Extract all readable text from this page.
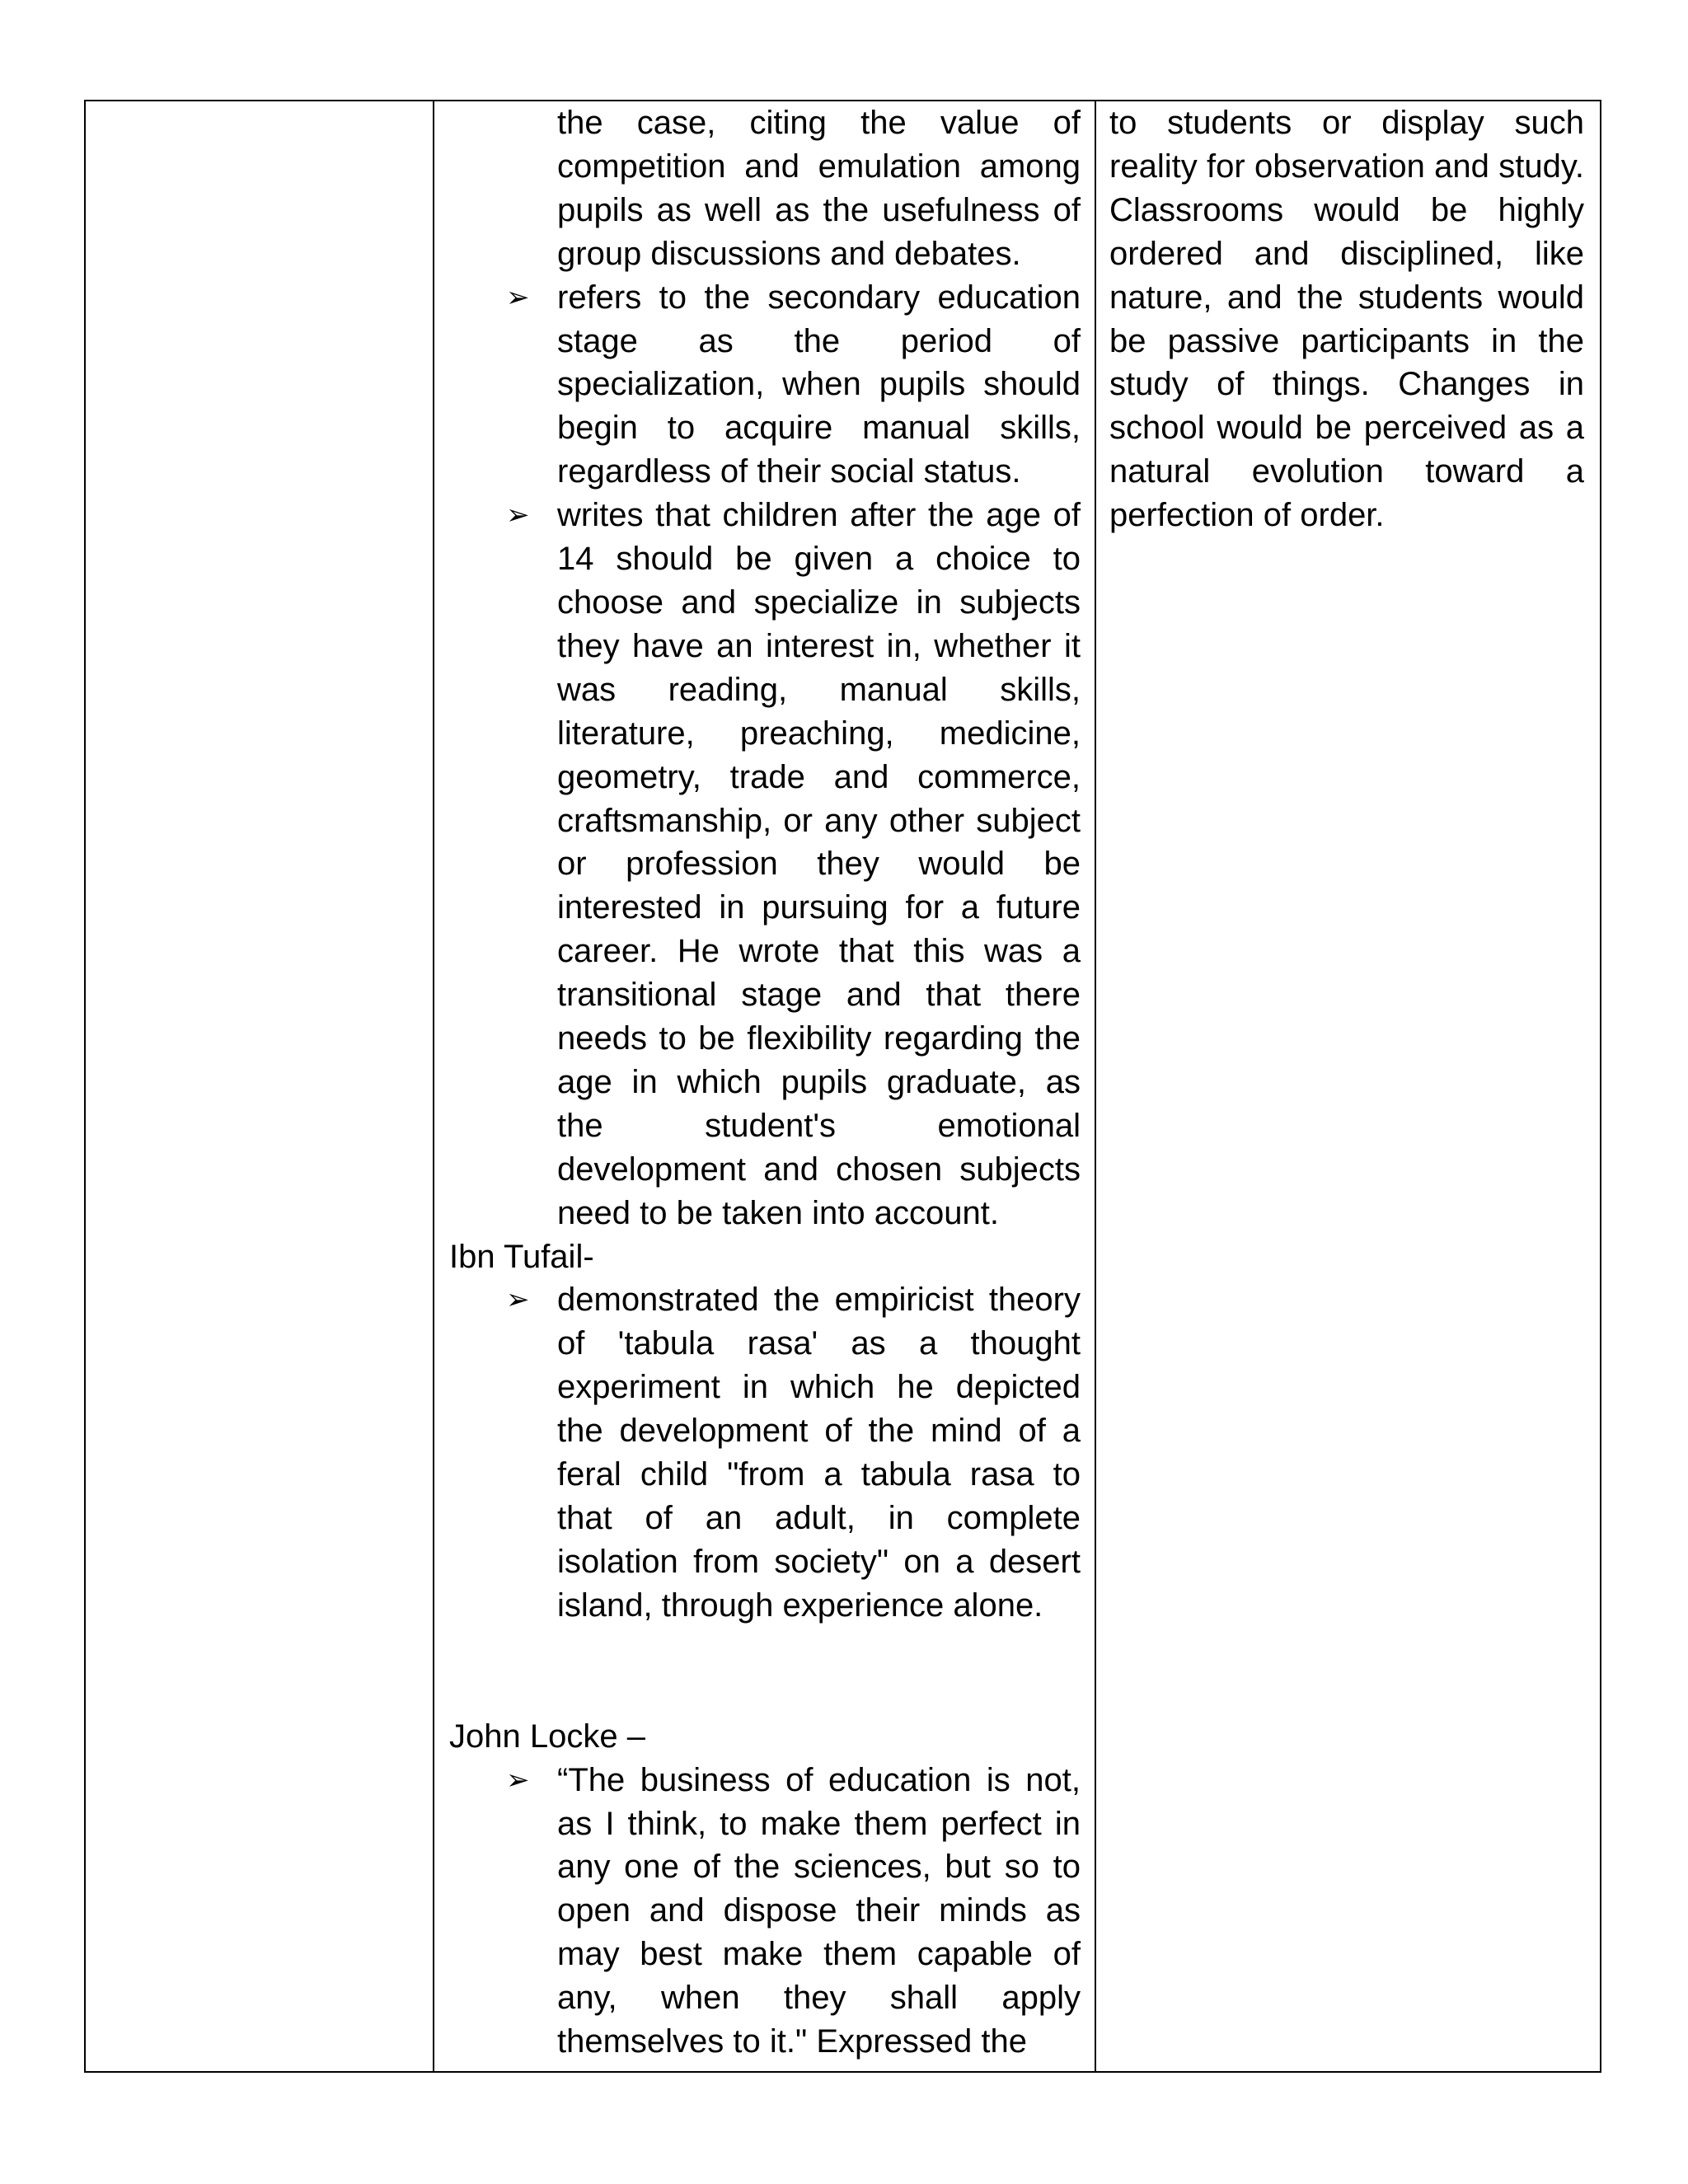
the case, citing the value of competition and emulation among pupils as well as the usefulness of group discussions and debates.

➢ refers to the secondary education stage as the period of specialization, when pupils should begin to acquire manual skills, regardless of their social status.

➢ writes that children after the age of 14 should be given a choice to choose and specialize in subjects they have an interest in, whether it was reading, manual skills, literature, preaching, medicine, geometry, trade and commerce, craftsmanship, or any other subject or profession they would be interested in pursuing for a future career. He wrote that this was a transitional stage and that there needs to be flexibility regarding the age in which pupils graduate, as the student's emotional development and chosen subjects need to be taken into account.

Ibn Tufail-

➢ demonstrated the empiricist theory of 'tabula rasa' as a thought experiment in which he depicted the development of the mind of a feral child "from a tabula rasa to that of an adult, in complete isolation from society" on a desert island, through experience alone.

John Locke –

➢ “The business of education is not, as I think, to make them perfect in any one of the sciences, but so to open and dispose their minds as may best make them capable of any, when they shall apply themselves to it." Expressed the

to students or display such reality for observation and study. Classrooms would be highly ordered and disciplined, like nature, and the students would be passive participants in the study of things. Changes in school would be perceived as a natural evolution toward a perfection of order.
